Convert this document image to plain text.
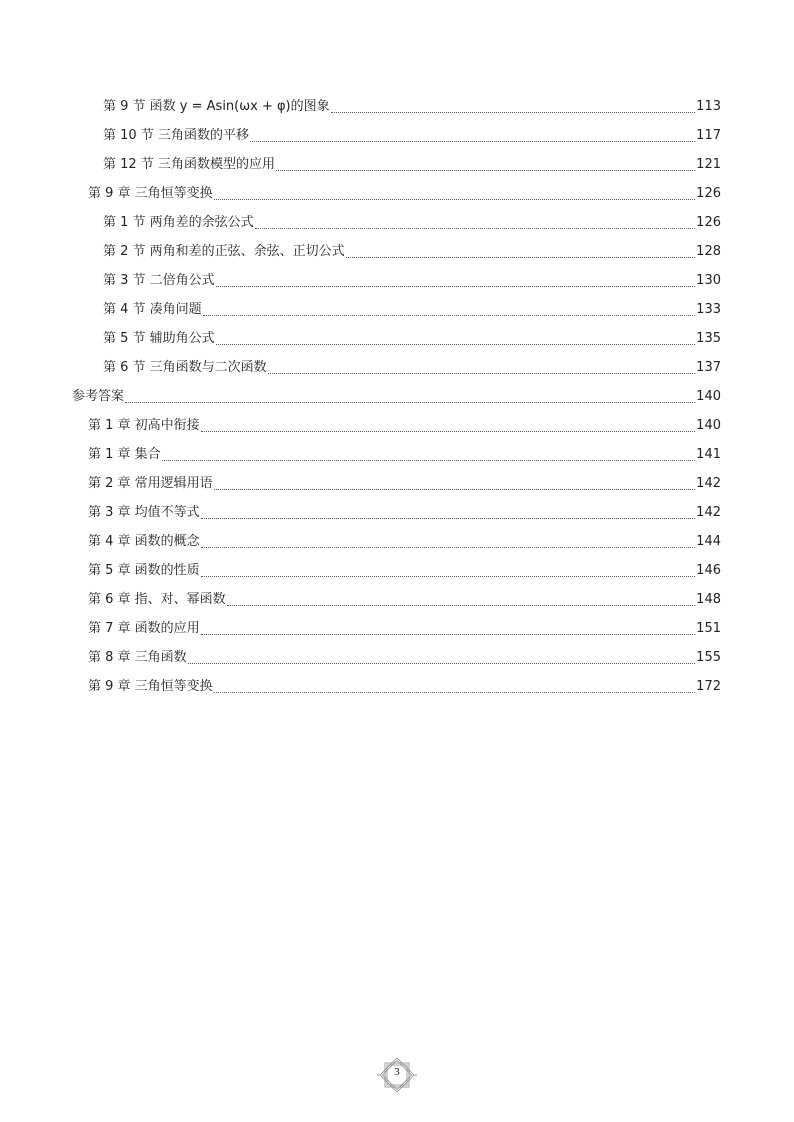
第 9 节 函数 y = Asin(ωx + φ)的图象	113
第 10 节 三角函数的平移	117
第 12 节 三角函数模型的应用	121
第 9 章 三角恒等变换	126
第 1 节 两角差的余弦公式	126
第 2 节 两角和差的正弦、余弦、正切公式	128
第 3 节 二倍角公式	130
第 4 节 凑角问题	133
第 5 节 辅助角公式	135
第 6 节 三角函数与二次函数	137
参考答案	140
第 1 章 初高中衔接	140
第 1 章 集合	141
第 2 章 常用逻辑用语	142
第 3 章 均值不等式	142
第 4 章 函数的概念	144
第 5 章 函数的性质	146
第 6 章 指、对、幂函数	148
第 7 章 函数的应用	151
第 8 章 三角函数	155
第 9 章 三角恒等变换	172
3
